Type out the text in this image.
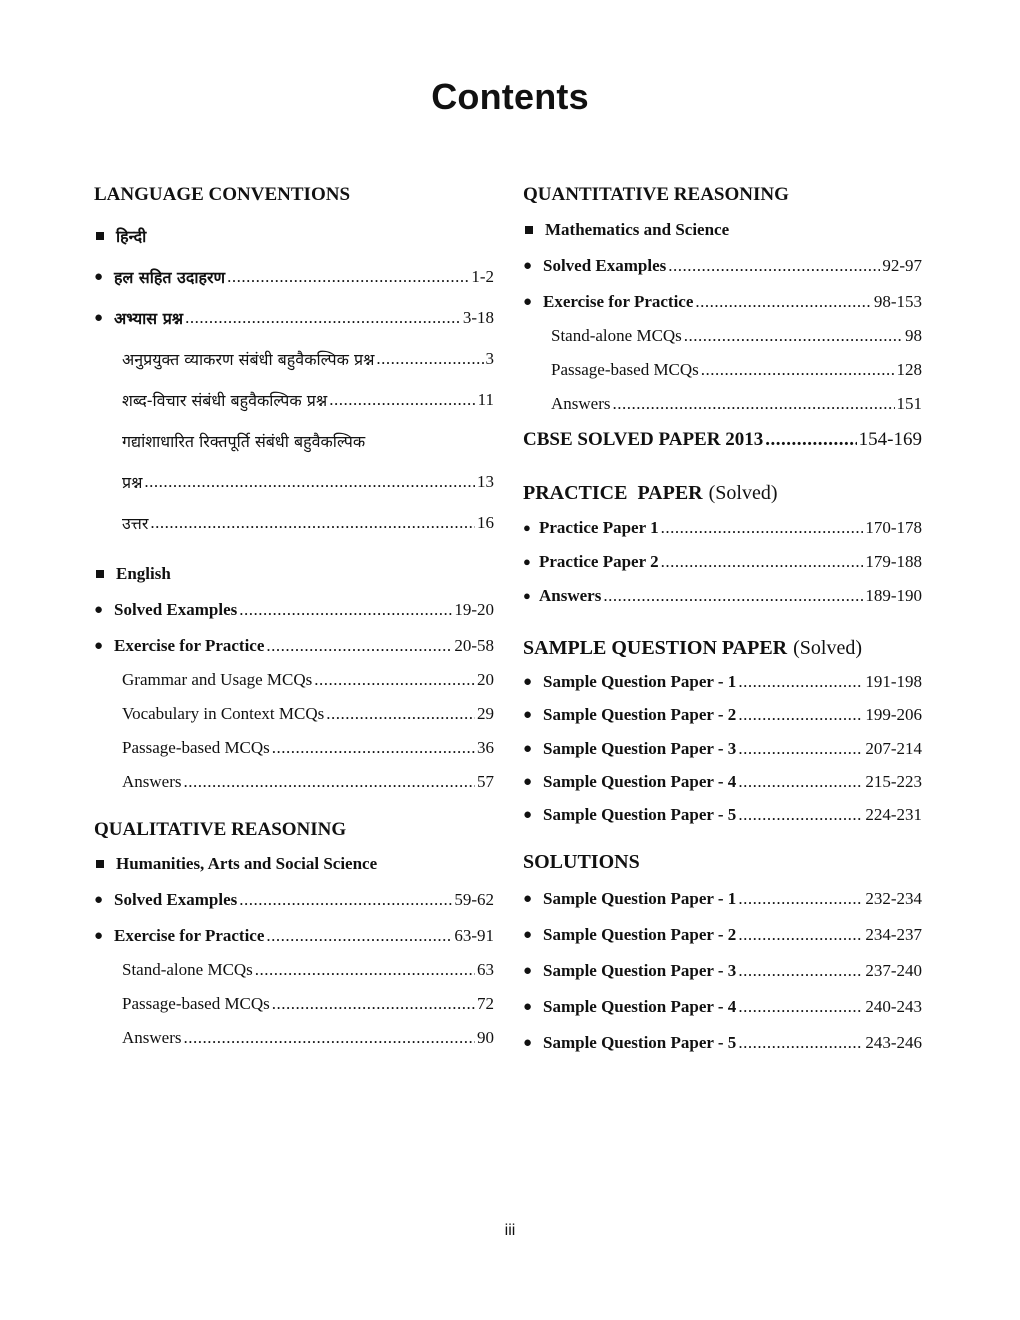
Contents
LANGUAGE CONVENTIONS
हिन्दी
● हल सहित उदाहरण .....	1-2
● अभ्यास प्रश्न .....	3-18
अनुप्रयुक्त व्याकरण संबंधी बहुवैकल्पिक प्रश्न .....	3
शब्द-विचार संबंधी बहुवैकल्पिक प्रश्न .....	11
गद्यांशाधारित रिक्तपूर्ति संबंधी बहुवैकल्पिक
प्रश्न .....	13
उत्तर .....	16
English
● Solved Examples .....	19-20
● Exercise for Practice .....	20-58
Grammar and Usage MCQs .....	20
Vocabulary in Context MCQs .....	29
Passage-based MCQs .....	36
Answers .....	57
QUALITATIVE REASONING
Humanities, Arts and Social Science
● Solved Examples .....	59-62
● Exercise for Practice .....	63-91
Stand-alone MCQs .....	63
Passage-based MCQs .....	72
Answers .....	90
QUANTITATIVE REASONING
Mathematics and Science
● Solved Examples .....	92-97
● Exercise for Practice .....	98-153
Stand-alone MCQs .....	98
Passage-based MCQs .....	128
Answers .....	151
CBSE SOLVED PAPER 2013 .....	154-169
PRACTICE  PAPER (Solved)
● Practice Paper 1 .....	170-178
● Practice Paper 2 .....	179-188
● Answers .....	189-190
SAMPLE QUESTION PAPER (Solved)
● Sample Question Paper - 1 .....	191-198
● Sample Question Paper - 2 .....	199-206
● Sample Question Paper - 3 .....	207-214
● Sample Question Paper - 4 .....	215-223
● Sample Question Paper - 5 .....	224-231
SOLUTIONS
● Sample Question Paper - 1 .....	232-234
● Sample Question Paper - 2 .....	234-237
● Sample Question Paper - 3 .....	237-240
● Sample Question Paper - 4 .....	240-243
● Sample Question Paper - 5 .....	243-246
iii
